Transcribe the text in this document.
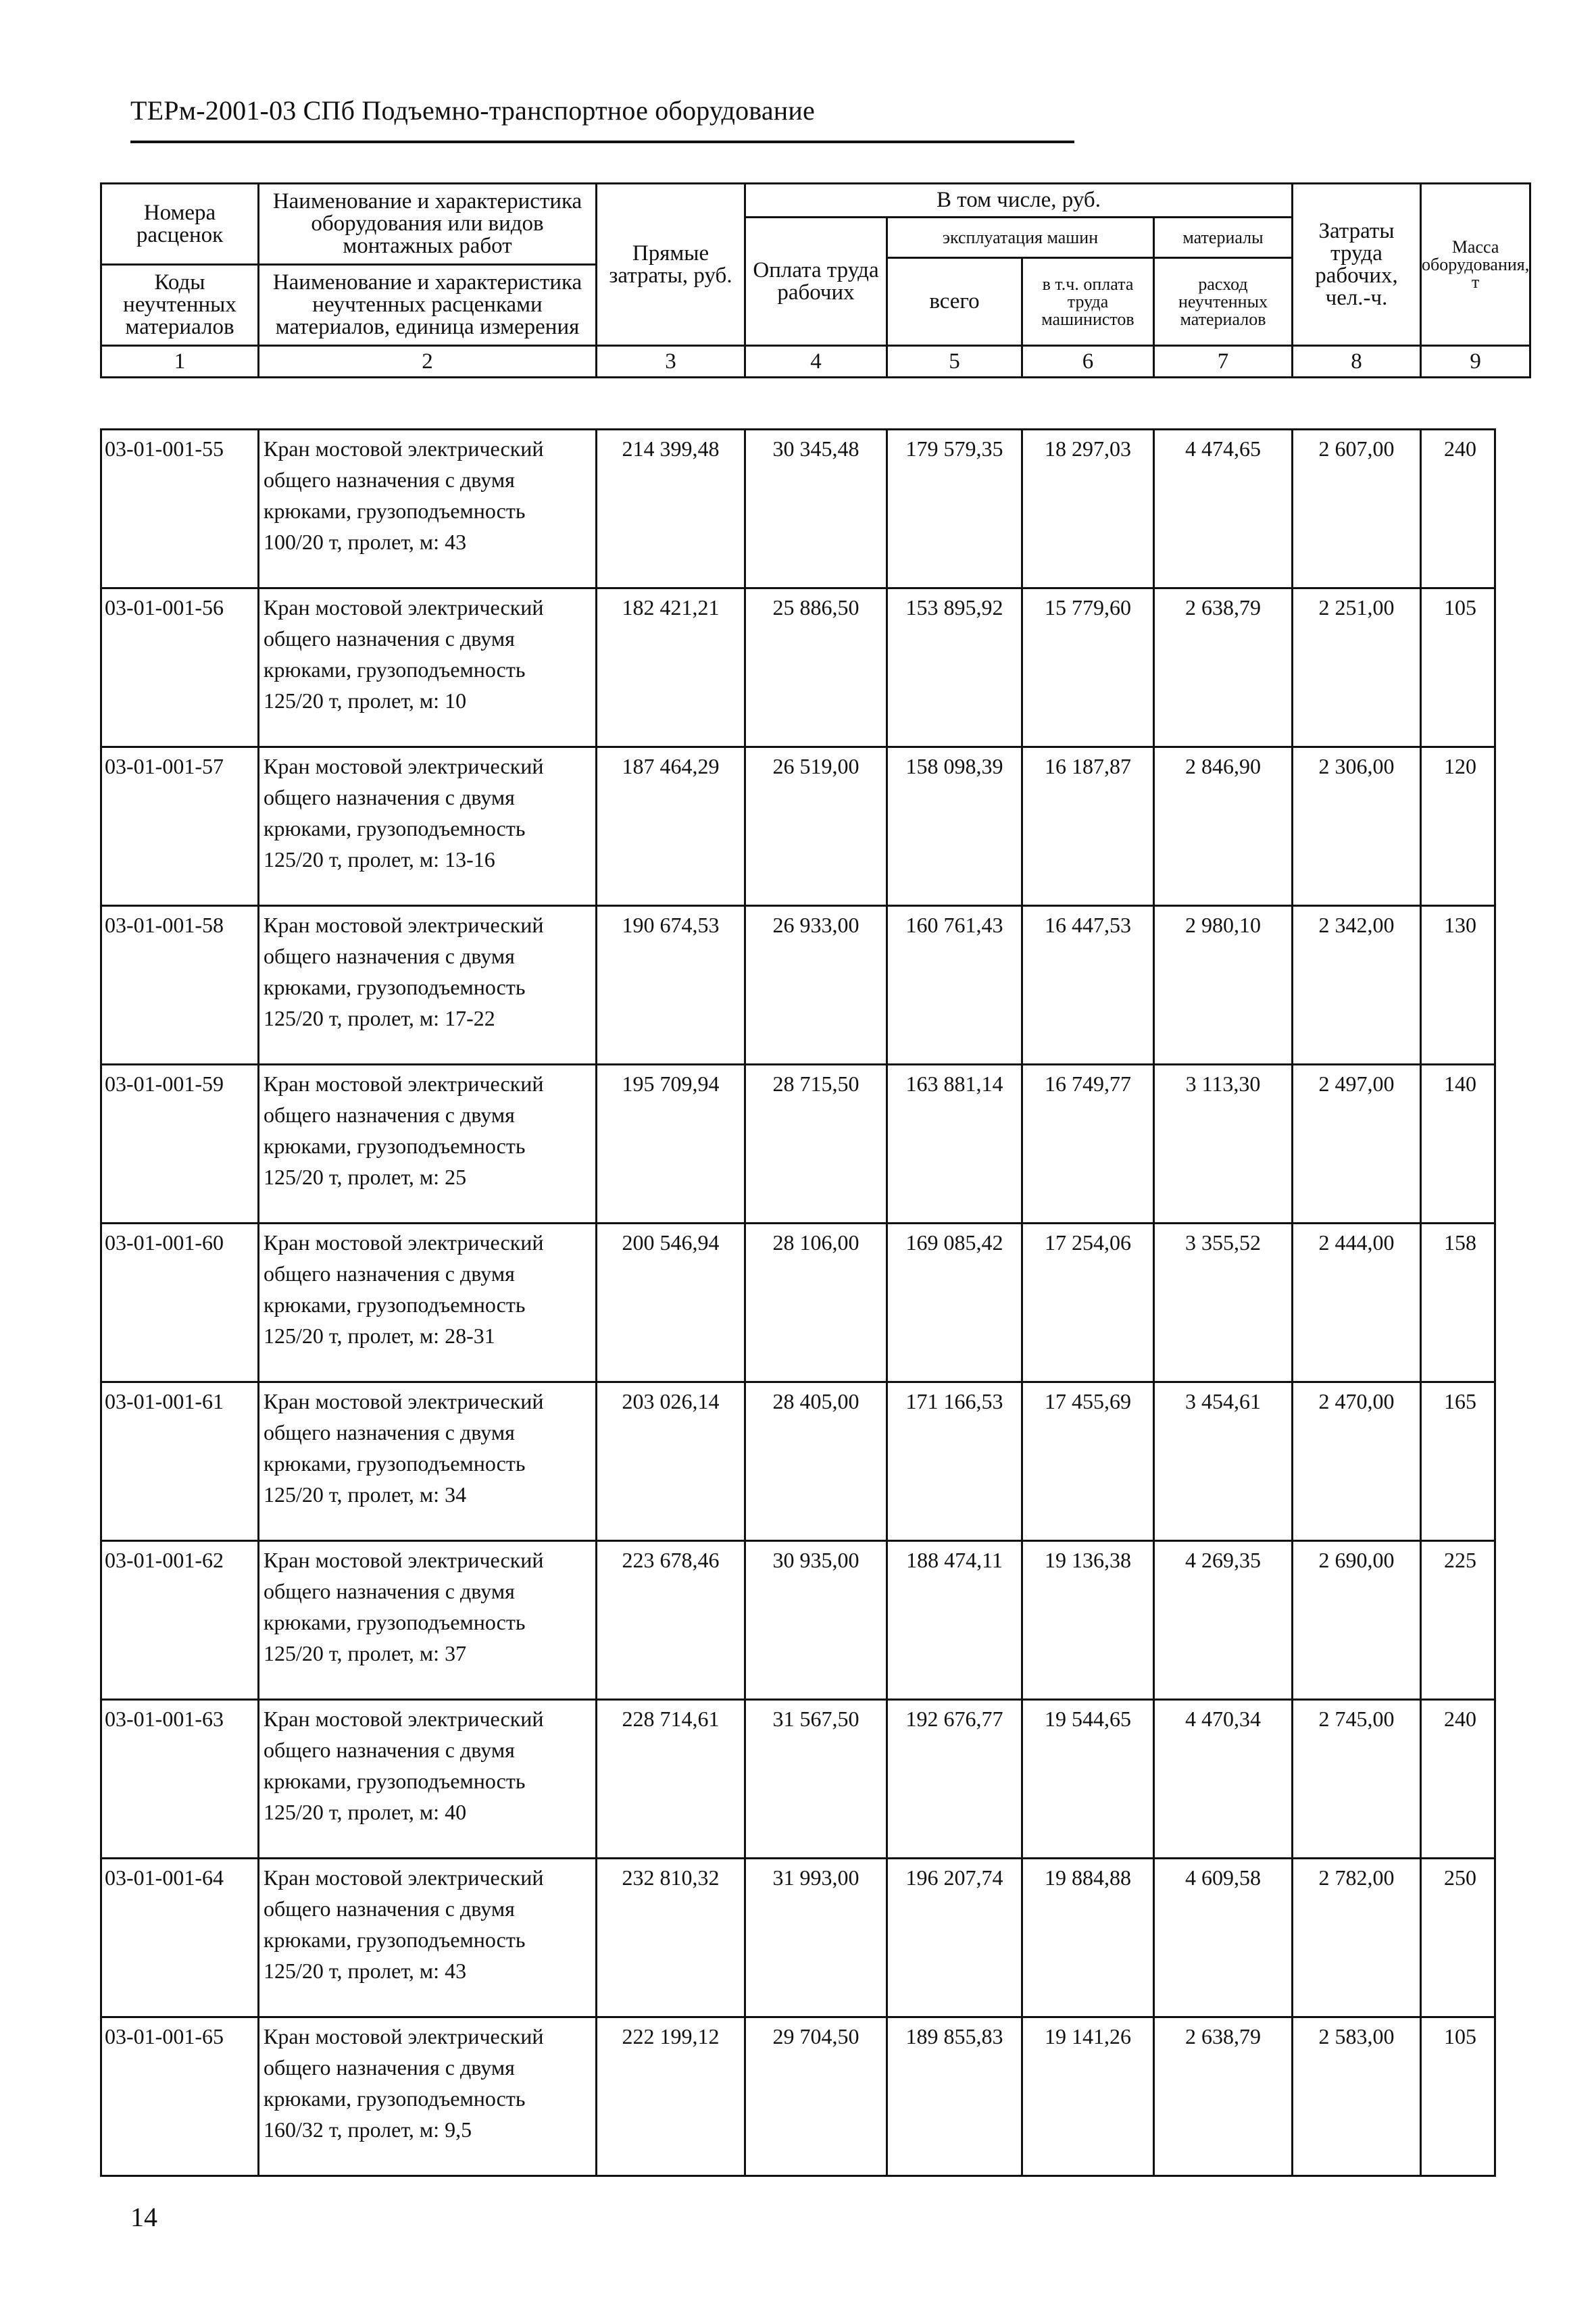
ТЕРм-2001-03 СПб Подъемно-транспортное оборудование
Номера расценок	Наименование и характеристика оборудования или видов монтажных работ	Прямые затраты, руб.	В том числе, руб.				Затраты труда рабочих, чел.-ч.	Масса оборудования, т
			Оплата труда рабочих	эксплуатация машин		материалы		
				всего	в т.ч. оплата труда машинистов	расход неучтенных материалов		
Коды неучтенных материалов	Наименование и характеристика неучтенных расценками материалов, единица измерения							

1	2	3	4	5	6	7	8	9
03-01-001-55	Кран мостовой электрический
общего назначения с двумя
крюками, грузоподъемность
100/20 т, пролет, м: 43	214 399,48	30 345,48	179 579,35	18 297,03	4 474,65	2 607,00	240
03-01-001-56	Кран мостовой электрический
общего назначения с двумя
крюками, грузоподъемность
125/20 т, пролет, м: 10	182 421,21	25 886,50	153 895,92	15 779,60	2 638,79	2 251,00	105
03-01-001-57	Кран мостовой электрический
общего назначения с двумя
крюками, грузоподъемность
125/20 т, пролет, м: 13-16	187 464,29	26 519,00	158 098,39	16 187,87	2 846,90	2 306,00	120
03-01-001-58	Кран мостовой электрический
общего назначения с двумя
крюками, грузоподъемность
125/20 т, пролет, м: 17-22	190 674,53	26 933,00	160 761,43	16 447,53	2 980,10	2 342,00	130
03-01-001-59	Кран мостовой электрический
общего назначения с двумя
крюками, грузоподъемность
125/20 т, пролет, м: 25	195 709,94	28 715,50	163 881,14	16 749,77	3 113,30	2 497,00	140
03-01-001-60	Кран мостовой электрический
общего назначения с двумя
крюками, грузоподъемность
125/20 т, пролет, м: 28-31	200 546,94	28 106,00	169 085,42	17 254,06	3 355,52	2 444,00	158
03-01-001-61	Кран мостовой электрический
общего назначения с двумя
крюками, грузоподъемность
125/20 т, пролет, м: 34	203 026,14	28 405,00	171 166,53	17 455,69	3 454,61	2 470,00	165
03-01-001-62	Кран мостовой электрический
общего назначения с двумя
крюками, грузоподъемность
125/20 т, пролет, м: 37	223 678,46	30 935,00	188 474,11	19 136,38	4 269,35	2 690,00	225
03-01-001-63	Кран мостовой электрический
общего назначения с двумя
крюками, грузоподъемность
125/20 т, пролет, м: 40	228 714,61	31 567,50	192 676,77	19 544,65	4 470,34	2 745,00	240
03-01-001-64	Кран мостовой электрический
общего назначения с двумя
крюками, грузоподъемность
125/20 т, пролет, м: 43	232 810,32	31 993,00	196 207,74	19 884,88	4 609,58	2 782,00	250
03-01-001-65	Кран мостовой электрический
общего назначения с двумя
крюками, грузоподъемность
160/32 т, пролет, м: 9,5	222 199,12	29 704,50	189 855,83	19 141,26	2 638,79	2 583,00	105
14
